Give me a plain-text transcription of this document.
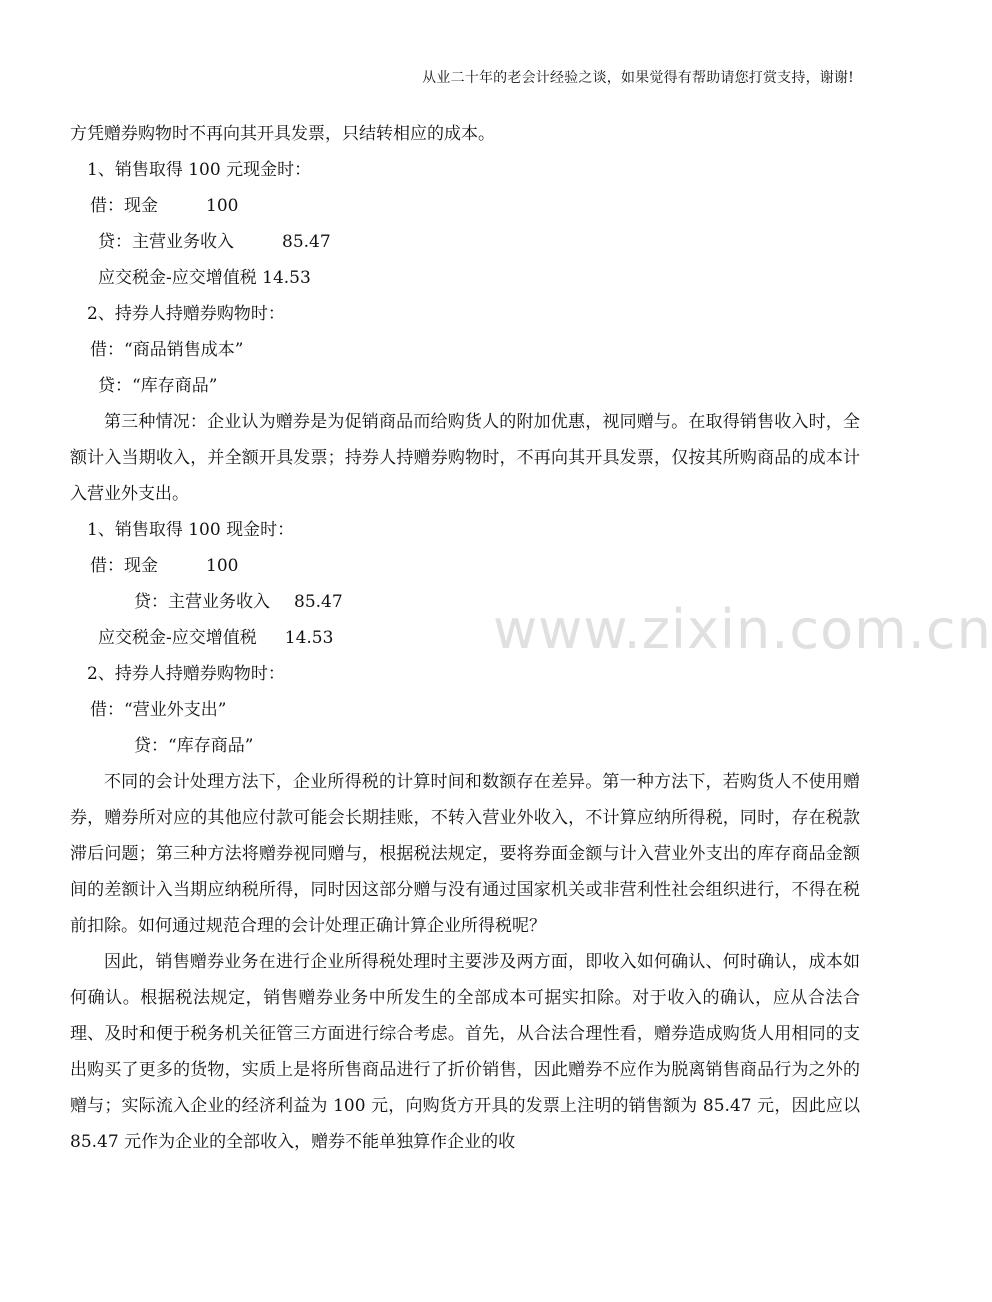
从业二十年的老会计经验之谈，如果觉得有帮助请您打赏支持，谢谢!
方凭赠券购物时不再向其开具发票，只结转相应的成本。
1、销售取得 100 元现金时：
借：现金	100
贷：主营业务收入	85.47
应交税金-应交增值税 14.53
2、持券人持赠券购物时：
借：“商品销售成本”
贷：“库存商品”
第三种情况：企业认为赠券是为促销商品而给购货人的附加优惠，视同赠与。在取得销售收入时，全额计入当期收入，并全额开具发票；持券人持赠券购物时，不再向其开具发票，仅按其所购商品的成本计入营业外支出。
1、销售取得 100 现金时：
借：现金	100
贷：主营业务收入 85.47
应交税金-应交增值税 14.53
2、持券人持赠券购物时：
借：“营业外支出”
贷：“库存商品”
不同的会计处理方法下，企业所得税的计算时间和数额存在差异。第一种方法下，若购货人不使用赠券，赠券所对应的其他应付款可能会长期挂账，不转入营业外收入，不计算应纳所得税，同时，存在税款滞后问题；第三种方法将赠券视同赠与，根据税法规定，要将券面金额与计入营业外支出的库存商品金额间的差额计入当期应纳税所得，同时因这部分赠与没有通过国家机关或非营利性社会组织进行，不得在税前扣除。如何通过规范合理的会计处理正确计算企业所得税呢？
因此，销售赠券业务在进行企业所得税处理时主要涉及两方面，即收入如何确认、何时确认，成本如何确认。根据税法规定，销售赠券业务中所发生的全部成本可据实扣除。对于收入的确认，应从合法合理、及时和便于税务机关征管三方面进行综合考虑。首先，从合法合理性看，赠券造成购货人用相同的支出购买了更多的货物，实质上是将所售商品进行了折价销售，因此赠券不应作为脱离销售商品行为之外的赠与；实际流入企业的经济利益为 100 元，向购货方开具的发票上注明的销售额为 85.47 元，因此应以 85.47 元作为企业的全部收入，赠券不能单独算作企业的收
www.zixin.com.cn
